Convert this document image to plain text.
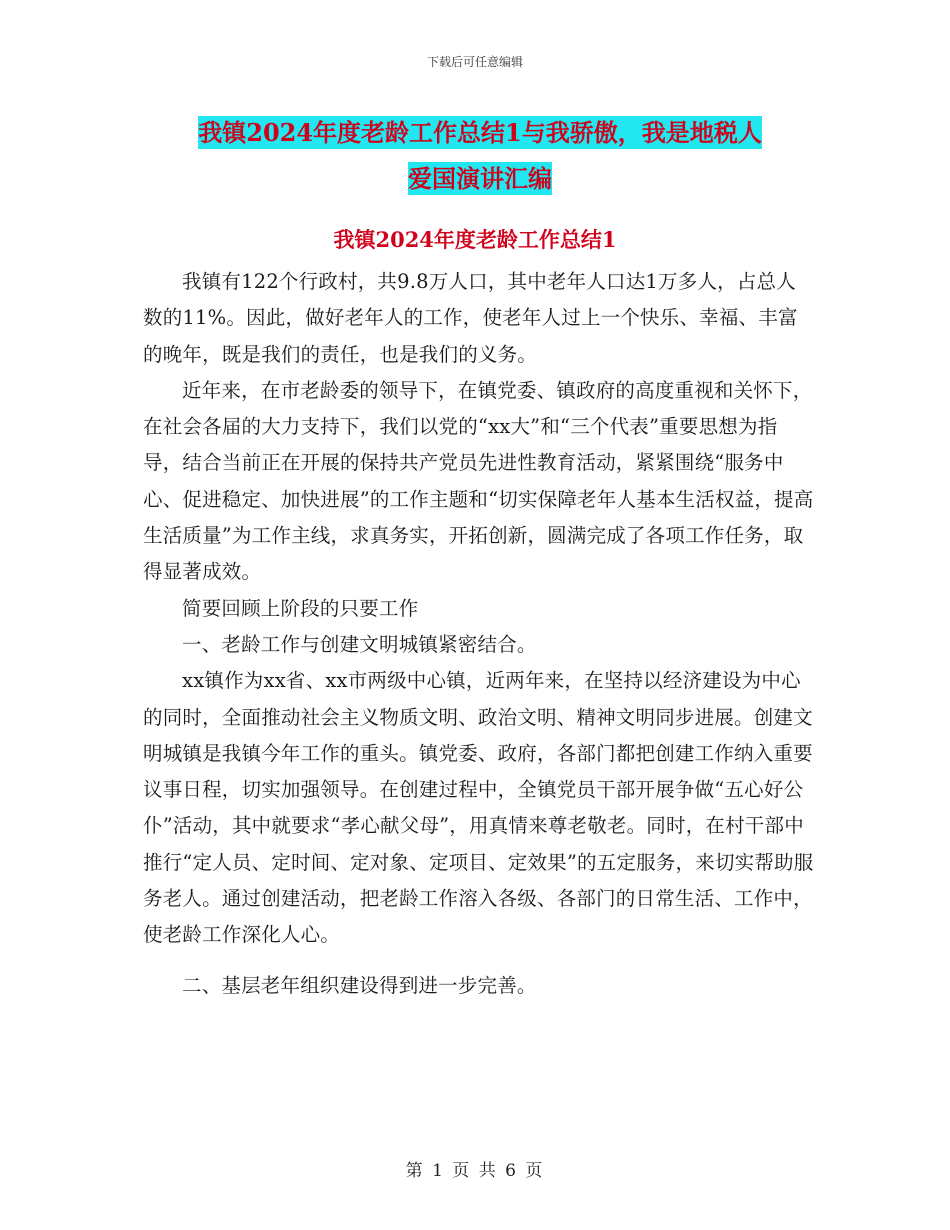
下载后可任意编辑
我镇2024年度老龄工作总结1与我骄傲，我是地税人
爱国演讲汇编
我镇2024年度老龄工作总结1

我镇有122个行政村，共9.8万人口，其中老年人口达1万多人，占总人数的11%。因此，做好老年人的工作，使老年人过上一个快乐、幸福、丰富的晚年，既是我们的责任，也是我们的义务。

近年来，在市老龄委的领导下，在镇党委、镇政府的高度重视和关怀下，在社会各届的大力支持下，我们以党的“xx大”和“三个代表”重要思想为指导，结合当前正在开展的保持共产党员先进性教育活动，紧紧围绕“服务中心、促进稳定、加快进展”的工作主题和“切实保障老年人基本生活权益，提高生活质量”为工作主线，求真务实，开拓创新，圆满完成了各项工作任务，取得显著成效。

简要回顾上阶段的只要工作

一、老龄工作与创建文明城镇紧密结合。

xx镇作为xx省、xx市两级中心镇，近两年来，在坚持以经济建设为中心的同时，全面推动社会主义物质文明、政治文明、精神文明同步进展。创建文明城镇是我镇今年工作的重头。镇党委、政府，各部门都把创建工作纳入重要议事日程，切实加强领导。在创建过程中，全镇党员干部开展争做“五心好公仆”活动，其中就要求“孝心献父母”，用真情来尊老敬老。同时，在村干部中推行“定人员、定时间、定对象、定项目、定效果”的五定服务，来切实帮助服务老人。通过创建活动，把老龄工作溶入各级、各部门的日常生活、工作中，使老龄工作深化人心。

二、基层老年组织建设得到进一步完善。

第 1 页 共 6 页
